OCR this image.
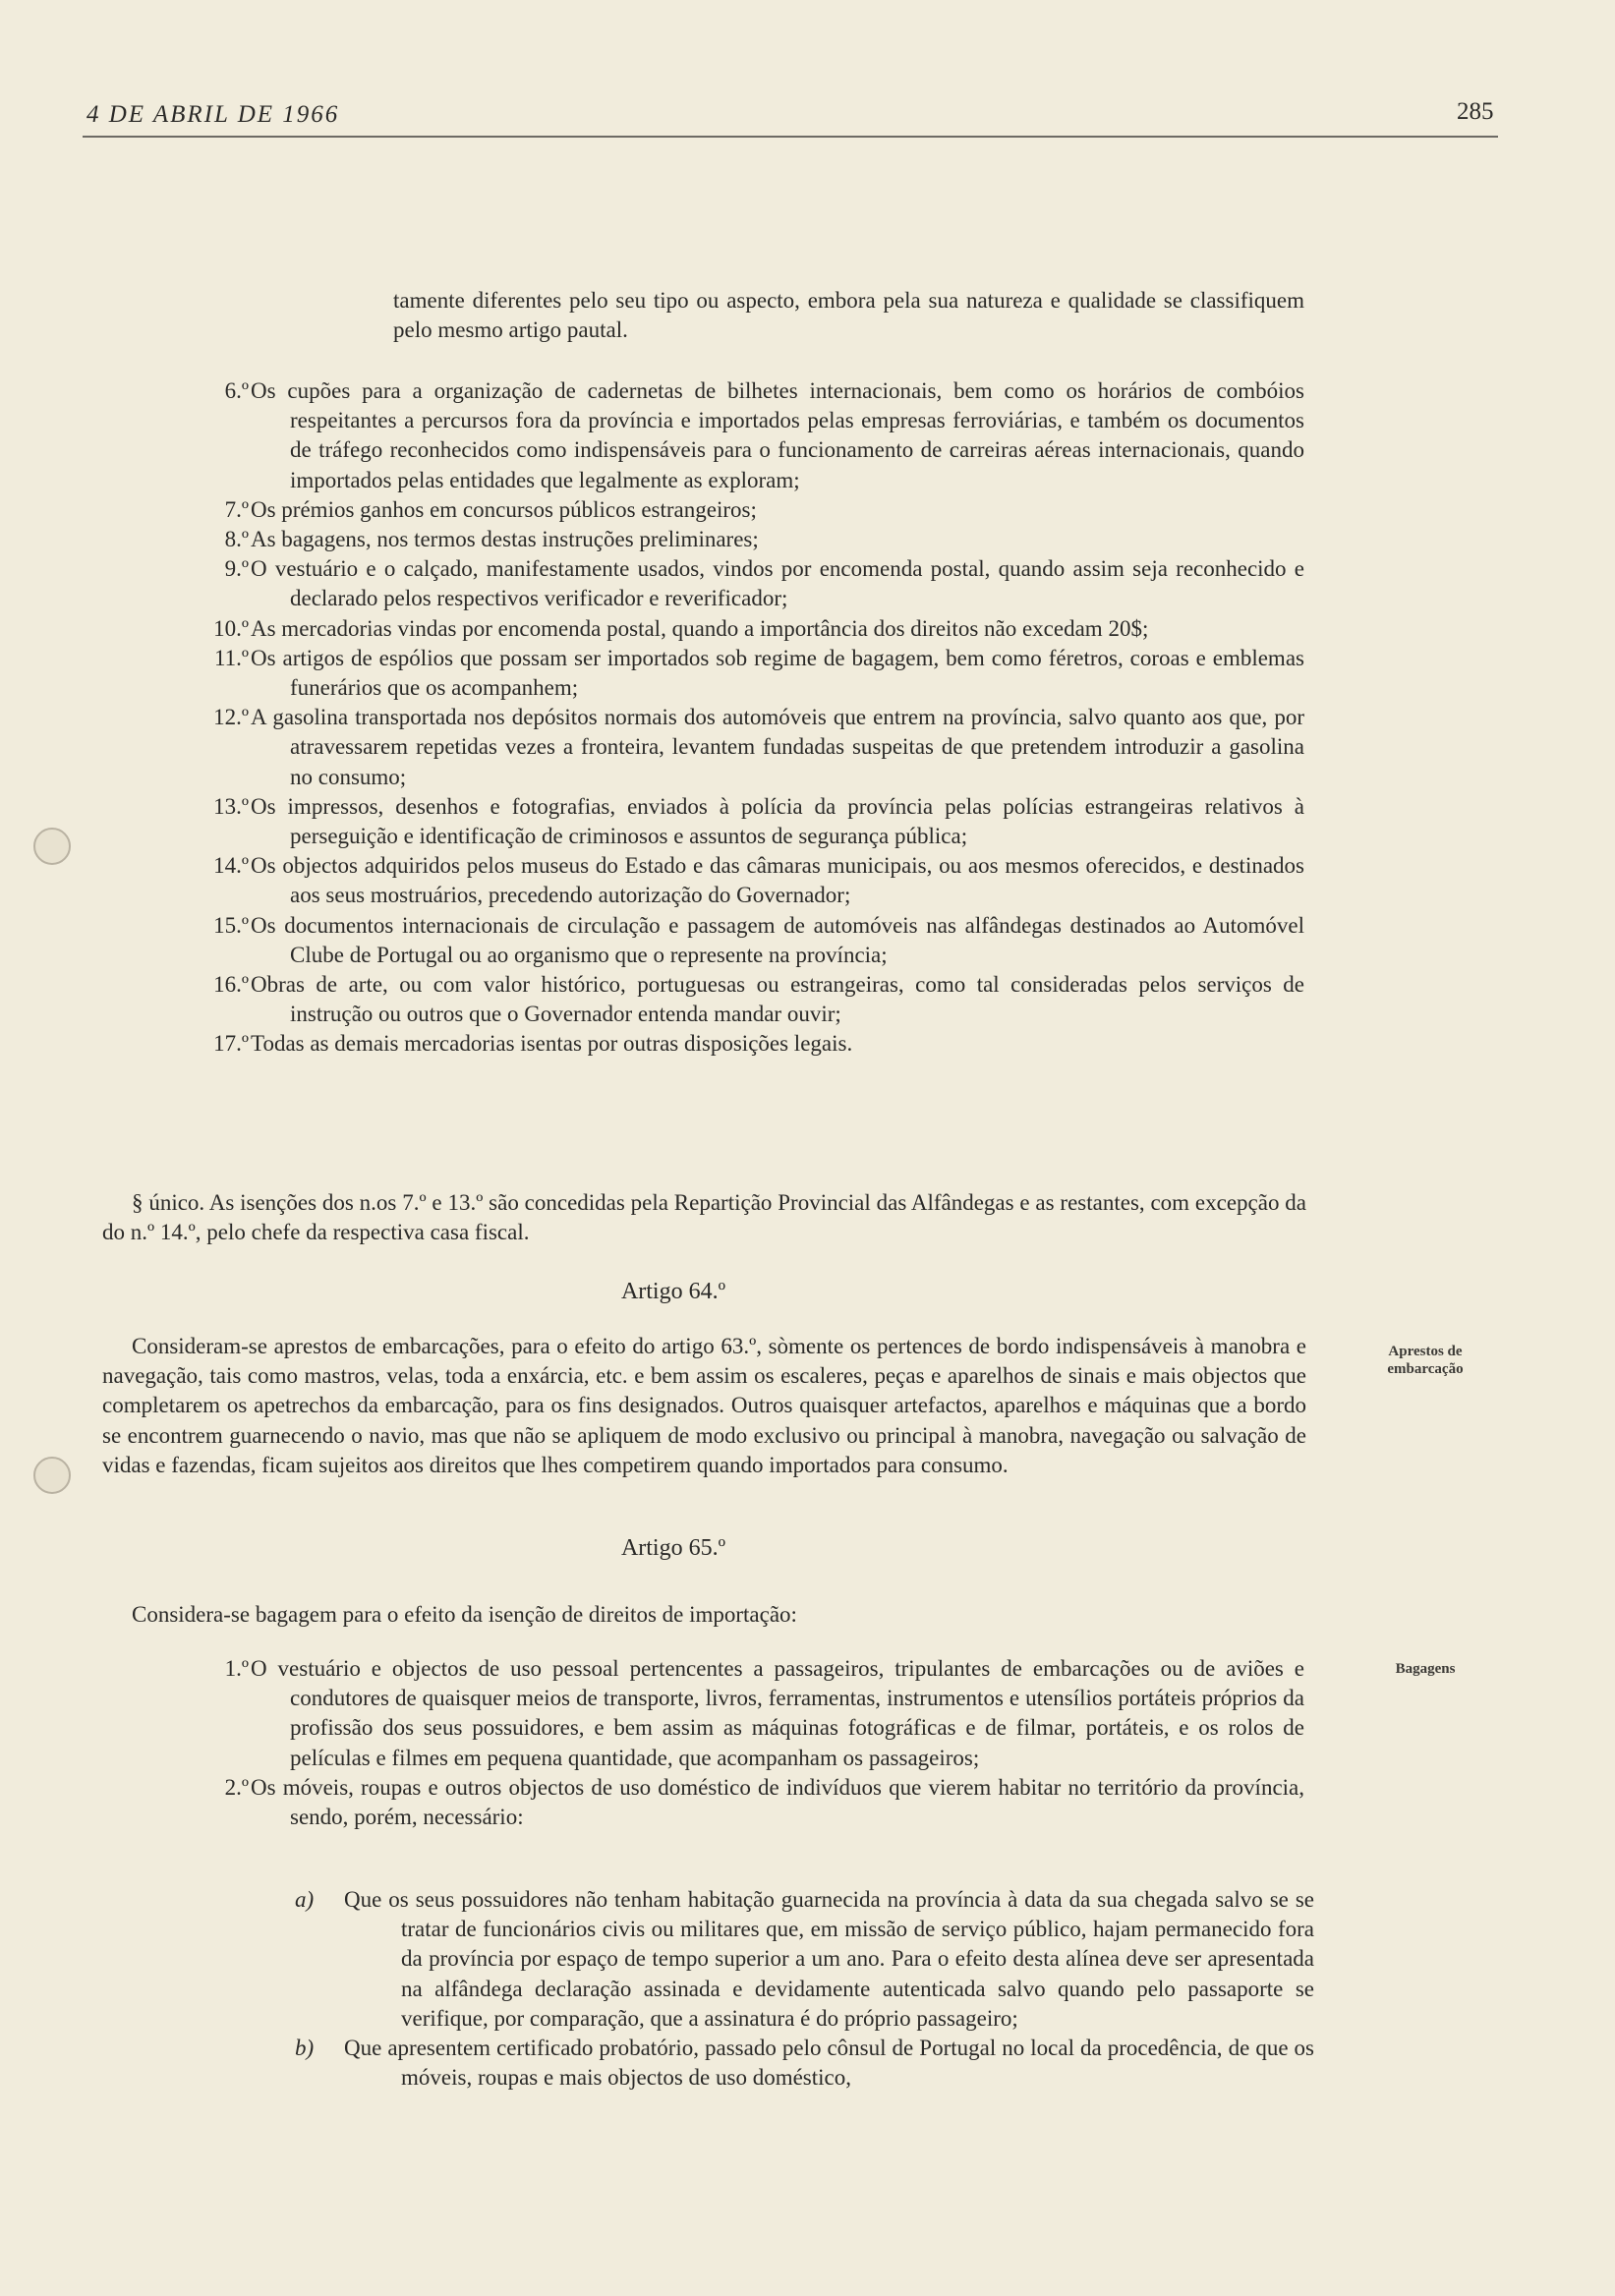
4 DE ABRIL DE 1966	285

tamente diferentes pelo seu tipo ou aspecto, embora pela sua natureza e qualidade se classifiquem pelo mesmo artigo pautal.

6.º Os cupões para a organização de cadernetas de bilhetes internacionais, bem como os horários de combóios respeitantes a percursos fora da província e importados pelas empresas ferroviárias, e também os documentos de tráfego reconhecidos como indispensáveis para o funcionamento de carreiras aéreas internacionais, quando importados pelas entidades que legalmente as exploram;
7.º Os prémios ganhos em concursos públicos estrangeiros;
8.º As bagagens, nos termos destas instruções preliminares;
9.º O vestuário e o calçado, manifestamente usados, vindos por encomenda postal, quando assim seja reconhecido e declarado pelos respectivos verificador e reverificador;
10.º As mercadorias vindas por encomenda postal, quando a importância dos direitos não excedam 20$;
11.º Os artigos de espólios que possam ser importados sob regime de bagagem, bem como féretros, coroas e emblemas funerários que os acompanhem;
12.º A gasolina transportada nos depósitos normais dos automóveis que entrem na província, salvo quanto aos que, por atravessarem repetidas vezes a fronteira, levantem fundadas suspeitas de que pretendem introduzir a gasolina no consumo;
13.º Os impressos, desenhos e fotografias, enviados à polícia da província pelas polícias estrangeiras relativos à perseguição e identificação de criminosos e assuntos de segurança pública;
14.º Os objectos adquiridos pelos museus do Estado e das câmaras municipais, ou aos mesmos oferecidos, e destinados aos seus mostruários, precedendo autorização do Governador;
15.º Os documentos internacionais de circulação e passagem de automóveis nas alfândegas destinados ao Automóvel Clube de Portugal ou ao organismo que o represente na província;
16.º Obras de arte, ou com valor histórico, portuguesas ou estrangeiras, como tal consideradas pelos serviços de instrução ou outros que o Governador entenda mandar ouvir;
17.º Todas as demais mercadorias isentas por outras disposições legais.

§ único. As isenções dos n.os 7.º e 13.º são concedidas pela Repartição Provincial das Alfândegas e as restantes, com excepção da do n.º 14.º, pelo chefe da respectiva casa fiscal.

Artigo 64.º
Aprestos de embarcação

Consideram-se aprestos de embarcações, para o efeito do artigo 63.º, sòmente os pertences de bordo indispensáveis à manobra e navegação, tais como mastros, velas, toda a enxárcia, etc. e bem assim os escaleres, peças e aparelhos de sinais e mais objectos que completarem os apetrechos da embarcação, para os fins designados. Outros quaisquer artefactos, aparelhos e máquinas que a bordo se encontrem guarnecendo o navio, mas que não se apliquem de modo exclusivo ou principal à manobra, navegação ou salvação de vidas e fazendas, ficam sujeitos aos direitos que lhes competirem quando importados para consumo.

Artigo 65.º
Bagagens

Considera-se bagagem para o efeito da isenção de direitos de importação:

1.º O vestuário e objectos de uso pessoal pertencentes a passageiros, tripulantes de embarcações ou de aviões e condutores de quaisquer meios de transporte, livros, ferramentas, instrumentos e utensílios portáteis próprios da profissão dos seus possuidores, e bem assim as máquinas fotográficas e de filmar, portáteis, e os rolos de películas e filmes em pequena quantidade, que acompanham os passageiros;
2.º Os móveis, roupas e outros objectos de uso doméstico de indivíduos que vierem habitar no território da província, sendo, porém, necessário:
a)	Que os seus possuidores não tenham habitação guarnecida na província à data da sua chegada salvo se se tratar de funcionários civis ou militares que, em missão de serviço público, hajam permanecido fora da província por espaço de tempo superior a um ano. Para o efeito desta alínea deve ser apresentada na alfândega declaração assinada e devidamente autenticada salvo quando pelo passaporte se verifique, por comparação, que a assinatura é do próprio passageiro;
b)	Que apresentem certificado probatório, passado pelo cônsul de Portugal no local da procedência, de que os móveis, roupas e mais objectos de uso doméstico,
